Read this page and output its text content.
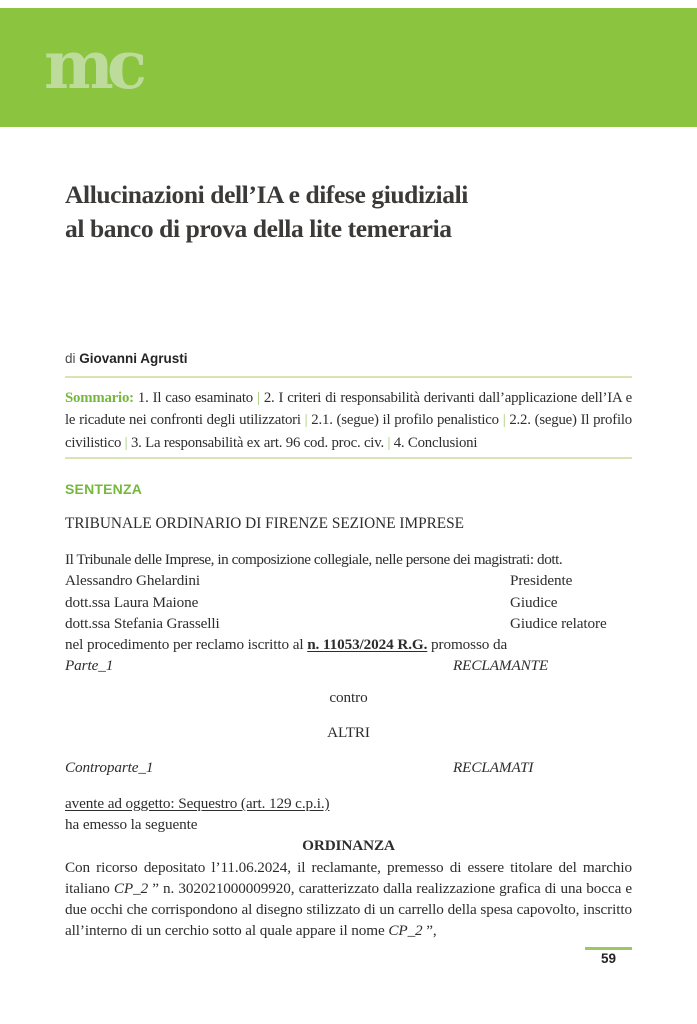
mc
Allucinazioni dell’IA e difese giudiziali
al banco di prova della lite temeraria
di Giovanni Agrusti

Sommario: 1. Il caso esaminato | 2. I criteri di responsabilità derivanti dall’applicazione dell’IA e le ricadute nei confronti degli utilizzatori | 2.1. (segue) il profilo penalistico | 2.2. (segue) Il profilo civilistico | 3. La responsabilità ex art. 96 cod. proc. civ. | 4. Conclusioni

SENTENZA
TRIBUNALE ORDINARIO DI FIRENZE SEZIONE IMPRESE
Il Tribunale delle Imprese, in composizione collegiale, nelle persone dei magistrati: dott.
Alessandro Ghelardini	Presidente
dott.ssa Laura Maione	Giudice
dott.ssa Stefania Grasselli	Giudice relatore
nel procedimento per reclamo iscritto al n. 11053/2024 R.G. promosso da
Parte_1	RECLAMANTE
contro
ALTRI
Controparte_1	RECLAMATI
avente ad oggetto: Sequestro (art. 129 c.p.i.)
ha emesso la seguente
ORDINANZA
Con ricorso depositato l’11.06.2024, il reclamante, premesso di essere titolare del marchio italiano CP_2 ” n. 302021000009920, caratterizzato dalla realizzazione grafica di una bocca e due occhi che corrispondono al disegno stilizzato di un carrello della spesa capovolto, inscritto all’interno di un cerchio sotto al quale appare il nome CP_2 ”,
59
